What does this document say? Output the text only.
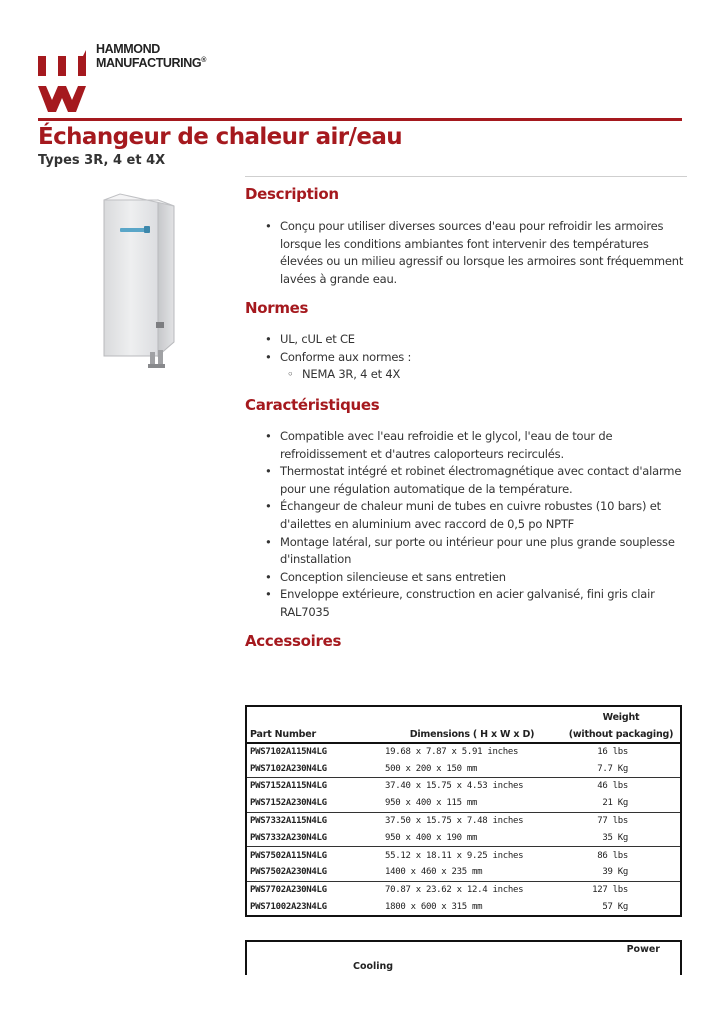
HAMMOND
MANUFACTURING®
Échangeur de chaleur air/eau
Types 3R, 4 et 4X
Description
• Conçu pour utiliser diverses sources d'eau pour refroidir les armoires lorsque les conditions ambiantes font intervenir des températures élevées ou un milieu agressif ou lorsque les armoires sont fréquemment lavées à grande eau.
Normes
• UL, cUL et CE
• Conforme aux normes :
◦ NEMA 3R, 4 et 4X
Caractéristiques
• Compatible avec l'eau refroidie et le glycol, l'eau de tour de refroidissement et d'autres caloporteurs recirculés.
• Thermostat intégré et robinet électromagnétique avec contact d'alarme pour une régulation automatique de la température.
• Échangeur de chaleur muni de tubes en cuivre robustes (10 bars) et d'ailettes en aluminium avec raccord de 0,5 po NPTF
• Montage latéral, sur porte ou intérieur pour une plus grande souplesse d'installation
• Conception silencieuse et sans entretien
• Enveloppe extérieure, construction en acier galvanisé, fini gris clair RAL7035
Accessoires
Part Number	Dimensions ( H x W x D)	Weight
(without packaging)

PWS7102A115N4LG	19.68 x 7.87 x 5.91 inches	16 lbs
PWS7102A230N4LG	500 x 200 x 150 mm	7.7 Kg
PWS7152A115N4LG	37.40 x 15.75 x 4.53 inches	46 lbs
PWS7152A230N4LG	950 x 400 x 115 mm	21 Kg
PWS7332A115N4LG	37.50 x 15.75 x 7.48 inches	77 lbs
PWS7332A230N4LG	950 x 400 x 190 mm	35 Kg
PWS7502A115N4LG	55.12 x 18.11 x 9.25 inches	86 lbs
PWS7502A230N4LG	1400 x 460 x 235 mm	39 Kg
PWS7702A230N4LG	70.87 x 23.62 x 12.4 inches	127 lbs
PWS71002A23N4LG	1800 x 600 x 315 mm	57 Kg
Power
Cooling
